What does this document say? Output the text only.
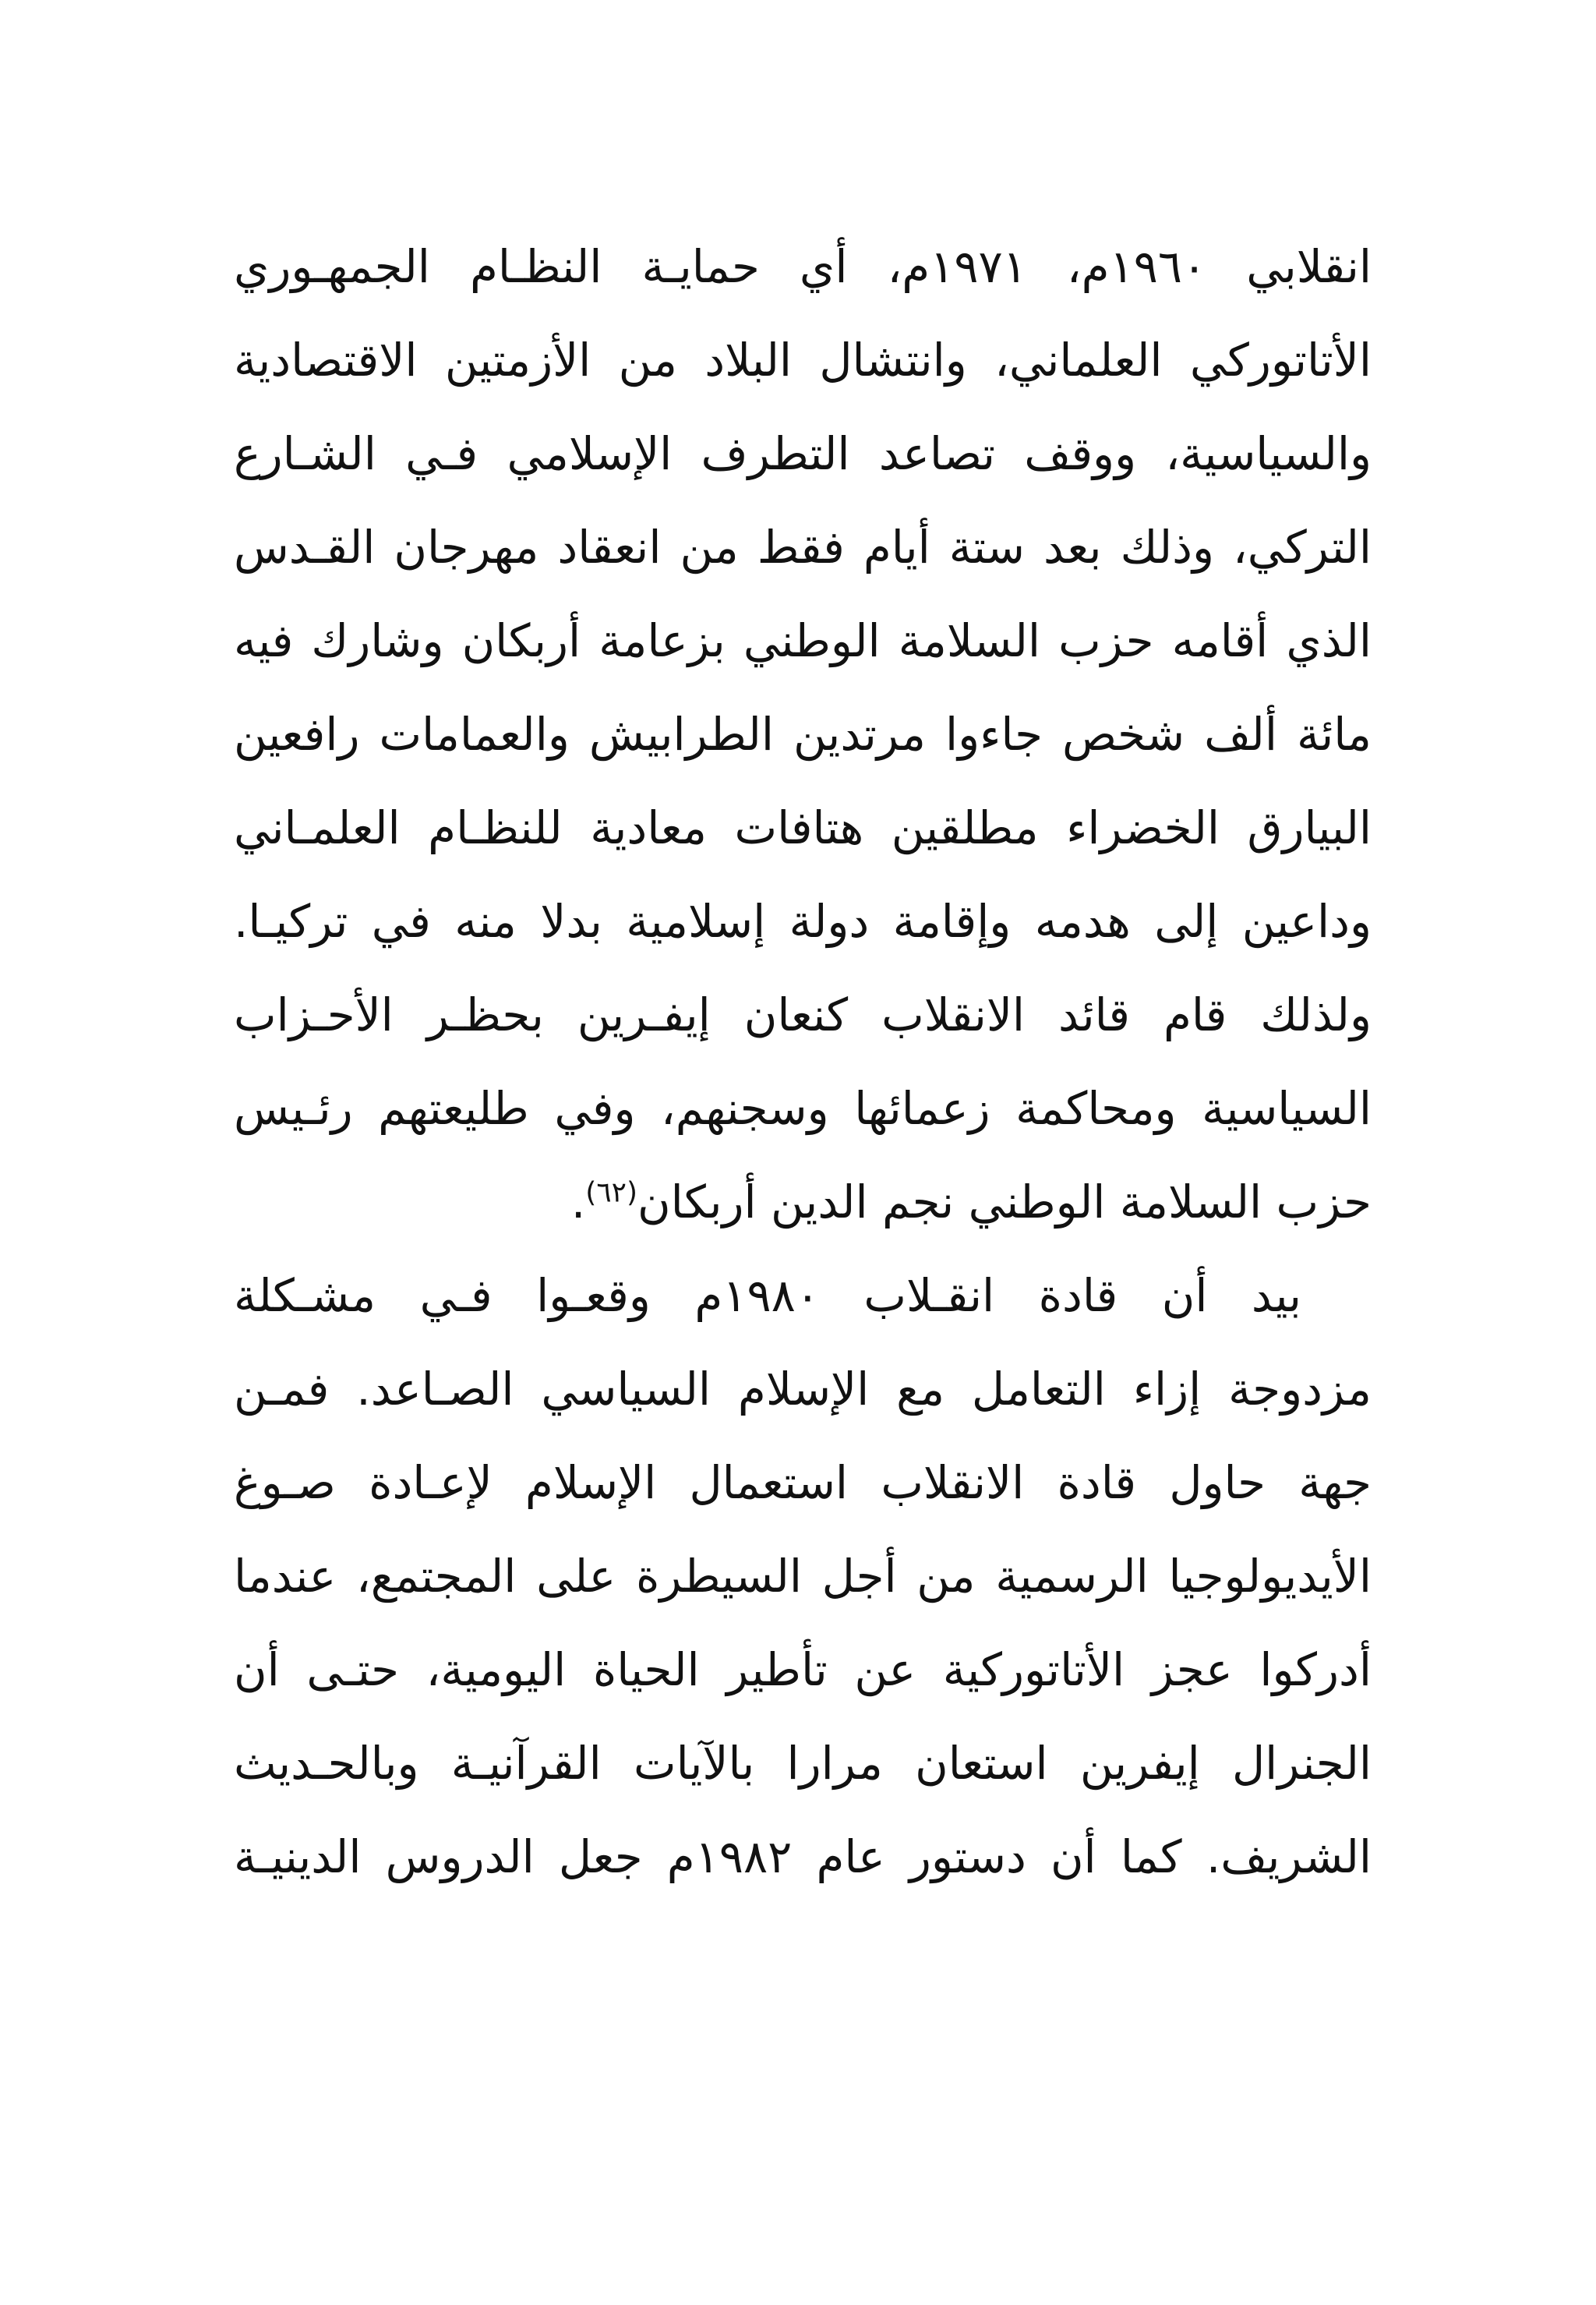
انقلابي ١٩٦٠م، ١٩٧١م، أي حمايـة النظـام الجمهـوري
الأتاتوركي العلماني، وانتشال البلاد من الأزمتين الاقتصادية
والسياسية، ووقف تصاعد التطرف الإسلامي فـي الشـارع
التركي، وذلك بعد ستة أيام فقط من انعقاد مهرجان القـدس
الذي أقامه حزب السلامة الوطني بزعامة أربكان وشارك فيه
مائة ألف شخص جاءوا مرتدين الطرابيش والعمامات رافعين
البيارق الخضراء مطلقين هتافات معادية للنظـام العلمـاني
وداعين إلى هدمه وإقامة دولة إسلامية بدلا منه في تركيـا.
ولذلك قام قائد الانقلاب كنعان إيفـرين بحظـر الأحـزاب
السياسية ومحاكمة زعمائها وسجنهم، وفي طليعتهم رئـيس
حزب السلامة الوطني نجم الدين أربكان$^{(٦٢)}$.
بيد أن قادة انقـلاب ١٩٨٠م وقعـوا فـي مشـكلة
مزدوجة إزاء التعامل مع الإسلام السياسي الصـاعد. فمـن
جهة حاول قادة الانقلاب استعمال الإسلام لإعـادة صـوغ
الأيديولوجيا الرسمية من أجل السيطرة على المجتمع، عندما
أدركوا عجز الأتاتوركية عن تأطير الحياة اليومية، حتـى أن
الجنرال إيفرين استعان مرارا بالآيات القرآنيـة وبالحـديث
الشريف. كما أن دستور عام ١٩٨٢م جعل الدروس الدينيـة
